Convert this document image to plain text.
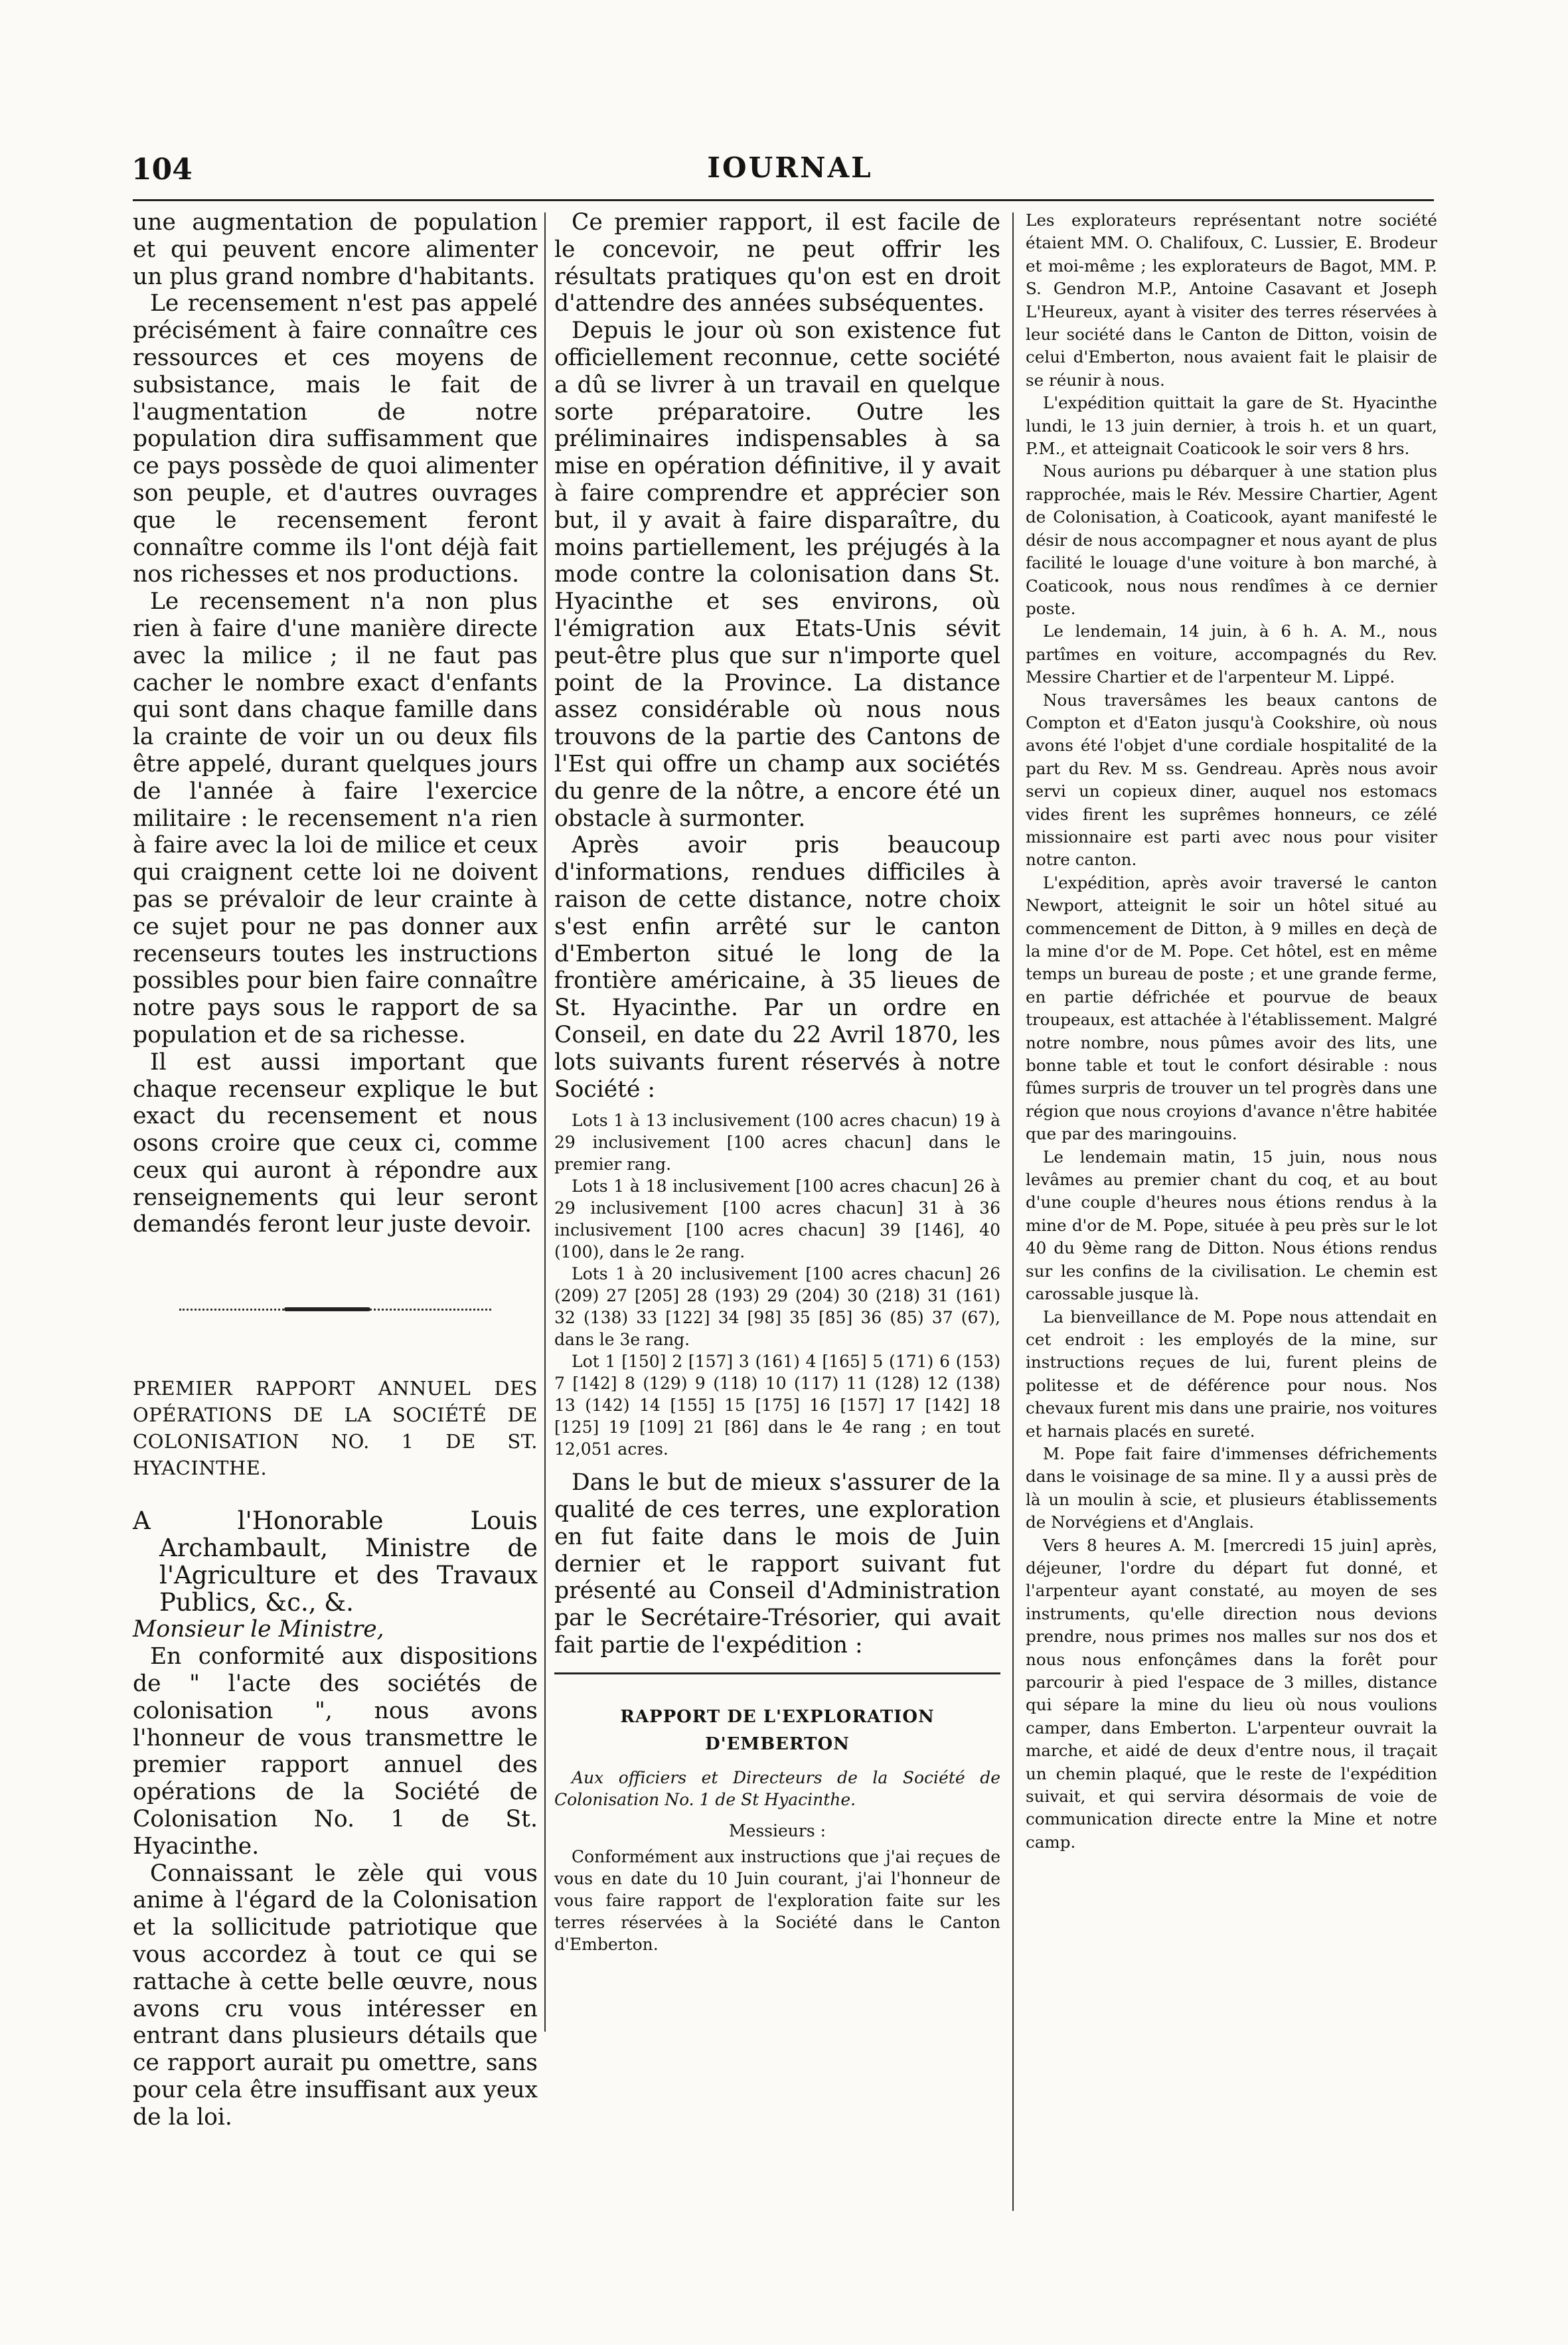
104	IOURNAL

une augmentation de population et qui peuvent encore alimenter un plus grand nombre d'habitants.

Le recensement n'est pas appelé précisément à faire connaître ces ressources et ces moyens de subsistance, mais le fait de l'augmentation de notre population dira suffisamment que ce pays possède de quoi alimenter son peuple, et d'autres ouvrages que le recensement feront connaître comme ils l'ont déjà fait nos richesses et nos productions.

Le recensement n'a non plus rien à faire d'une manière directe avec la milice ; il ne faut pas cacher le nombre exact d'enfants qui sont dans chaque famille dans la crainte de voir un ou deux fils être appelé, durant quelques jours de l'année à faire l'exercice militaire : le recensement n'a rien à faire avec la loi de milice et ceux qui craignent cette loi ne doivent pas se prévaloir de leur crainte à ce sujet pour ne pas donner aux recenseurs toutes les instructions possibles pour bien faire connaître notre pays sous le rapport de sa population et de sa richesse.

Il est aussi important que chaque recenseur explique le but exact du recensement et nous osons croire que ceux ci, comme ceux qui auront à répondre aux renseignements qui leur seront demandés feront leur juste devoir.

PREMIER RAPPORT ANNUEL DES OPÉRATIONS DE LA SOCIÉTÉ DE COLONISATION NO. 1 DE ST. HYACINTHE.

A l'Honorable Louis Archambault, Ministre de l'Agriculture et des Travaux Publics, &c., &.

Monsieur le Ministre,

En conformité aux dispositions de " l'acte des sociétés de colonisation ", nous avons l'honneur de vous transmettre le premier rapport annuel des opérations de la Société de Colonisation No. 1 de St. Hyacinthe.

Connaissant le zèle qui vous anime à l'égard de la Colonisation et la sollicitude patriotique que vous accordez à tout ce qui se rattache à cette belle œuvre, nous avons cru vous intéresser en entrant dans plusieurs détails que ce rapport aurait pu omettre, sans pour cela être insuffisant aux yeux de la loi.

Ce premier rapport, il est facile de le concevoir, ne peut offrir les résultats pratiques qu'on est en droit d'attendre des années subséquentes.

Depuis le jour où son existence fut officiellement reconnue, cette société a dû se livrer à un travail en quelque sorte préparatoire. Outre les préliminaires indispensables à sa mise en opération définitive, il y avait à faire comprendre et apprécier son but, il y avait à faire disparaître, du moins partiellement, les préjugés à la mode contre la colonisation dans St. Hyacinthe et ses environs, où l'émigration aux Etats-Unis sévit peut-être plus que sur n'importe quel point de la Province. La distance assez considérable où nous nous trouvons de la partie des Cantons de l'Est qui offre un champ aux sociétés du genre de la nôtre, a encore été un obstacle à surmonter.

Après avoir pris beaucoup d'informations, rendues difficiles à raison de cette distance, notre choix s'est enfin arrêté sur le canton d'Emberton situé le long de la frontière américaine, à 35 lieues de St. Hyacinthe. Par un ordre en Conseil, en date du 22 Avril 1870, les lots suivants furent réservés à notre Société :

Lots 1 à 13 inclusivement (100 acres chacun) 19 à 29 inclusivement [100 acres chacun] dans le premier rang.

Lots 1 à 18 inclusivement [100 acres chacun] 26 à 29 inclusivement [100 acres chacun] 31 à 36 inclusivement [100 acres chacun] 39 [146], 40 (100), dans le 2e rang.

Lots 1 à 20 inclusivement [100 acres chacun] 26 (209) 27 [205] 28 (193) 29 (204) 30 (218) 31 (161) 32 (138) 33 [122] 34 [98] 35 [85] 36 (85) 37 (67), dans le 3e rang.

Lot 1 [150] 2 [157] 3 (161) 4 [165] 5 (171) 6 (153) 7 [142] 8 (129) 9 (118) 10 (117) 11 (128) 12 (138) 13 (142) 14 [155] 15 [175] 16 [157] 17 [142] 18 [125] 19 [109] 21 [86] dans le 4e rang ; en tout 12,051 acres.

Dans le but de mieux s'assurer de la qualité de ces terres, une exploration en fut faite dans le mois de Juin dernier et le rapport suivant fut présenté au Conseil d'Administration par le Secrétaire-Trésorier, qui avait fait partie de l'expédition :

RAPPORT DE L'EXPLORATION D'EMBERTON

Aux officiers et Directeurs de la Société de Colonisation No. 1 de St Hyacinthe.

Messieurs :

Conformément aux instructions que j'ai reçues de vous en date du 10 Juin courant, j'ai l'honneur de vous faire rapport de l'exploration faite sur les terres réservées à la Société dans le Canton d'Emberton.

Les explorateurs représentant notre société étaient MM. O. Chalifoux, C. Lussier, E. Brodeur et moi-même ; les explorateurs de Bagot, MM. P. S. Gendron M.P., Antoine Casavant et Joseph L'Heureux, ayant à visiter des terres réservées à leur société dans le Canton de Ditton, voisin de celui d'Emberton, nous avaient fait le plaisir de se réunir à nous.

L'expédition quittait la gare de St. Hyacinthe lundi, le 13 juin dernier, à trois h. et un quart, P.M., et atteignait Coaticook le soir vers 8 hrs.

Nous aurions pu débarquer à une station plus rapprochée, mais le Rév. Messire Chartier, Agent de Colonisation, à Coaticook, ayant manifesté le désir de nous accompagner et nous ayant de plus facilité le louage d'une voiture à bon marché, à Coaticook, nous nous rendîmes à ce dernier poste.

Le lendemain, 14 juin, à 6 h. A. M., nous partîmes en voiture, accompagnés du Rev. Messire Chartier et de l'arpenteur M. Lippé.

Nous traversâmes les beaux cantons de Compton et d'Eaton jusqu'à Cookshire, où nous avons été l'objet d'une cordiale hospitalité de la part du Rev. M ss. Gendreau. Après nous avoir servi un copieux diner, auquel nos estomacs vides firent les suprêmes honneurs, ce zélé missionnaire est parti avec nous pour visiter notre canton.

L'expédition, après avoir traversé le canton Newport, atteignit le soir un hôtel situé au commencement de Ditton, à 9 milles en deçà de la mine d'or de M. Pope. Cet hôtel, est en même temps un bureau de poste ; et une grande ferme, en partie défrichée et pourvue de beaux troupeaux, est attachée à l'établissement. Malgré notre nombre, nous pûmes avoir des lits, une bonne table et tout le confort désirable : nous fûmes surpris de trouver un tel progrès dans une région que nous croyions d'avance n'être habitée que par des maringouins.

Le lendemain matin, 15 juin, nous nous levâmes au premier chant du coq, et au bout d'une couple d'heures nous étions rendus à la mine d'or de M. Pope, située à peu près sur le lot 40 du 9ème rang de Ditton. Nous étions rendus sur les confins de la civilisation. Le chemin est carossable jusque là.

La bienveillance de M. Pope nous attendait en cet endroit : les employés de la mine, sur instructions reçues de lui, furent pleins de politesse et de déférence pour nous. Nos chevaux furent mis dans une prairie, nos voitures et harnais placés en sureté.

M. Pope fait faire d'immenses défrichements dans le voisinage de sa mine. Il y a aussi près de là un moulin à scie, et plusieurs établissements de Norvégiens et d'Anglais.

Vers 8 heures A. M. [mercredi 15 juin] après, déjeuner, l'ordre du départ fut donné, et l'arpenteur ayant constaté, au moyen de ses instruments, qu'elle direction nous devions prendre, nous primes nos malles sur nos dos et nous nous enfonçâmes dans la forêt pour parcourir à pied l'espace de 3 milles, distance qui sépare la mine du lieu où nous voulions camper, dans Emberton. L'arpenteur ouvrait la marche, et aidé de deux d'entre nous, il traçait un chemin plaqué, que le reste de l'expédition suivait, et qui servira désormais de voie de communication directe entre la Mine et notre camp.
